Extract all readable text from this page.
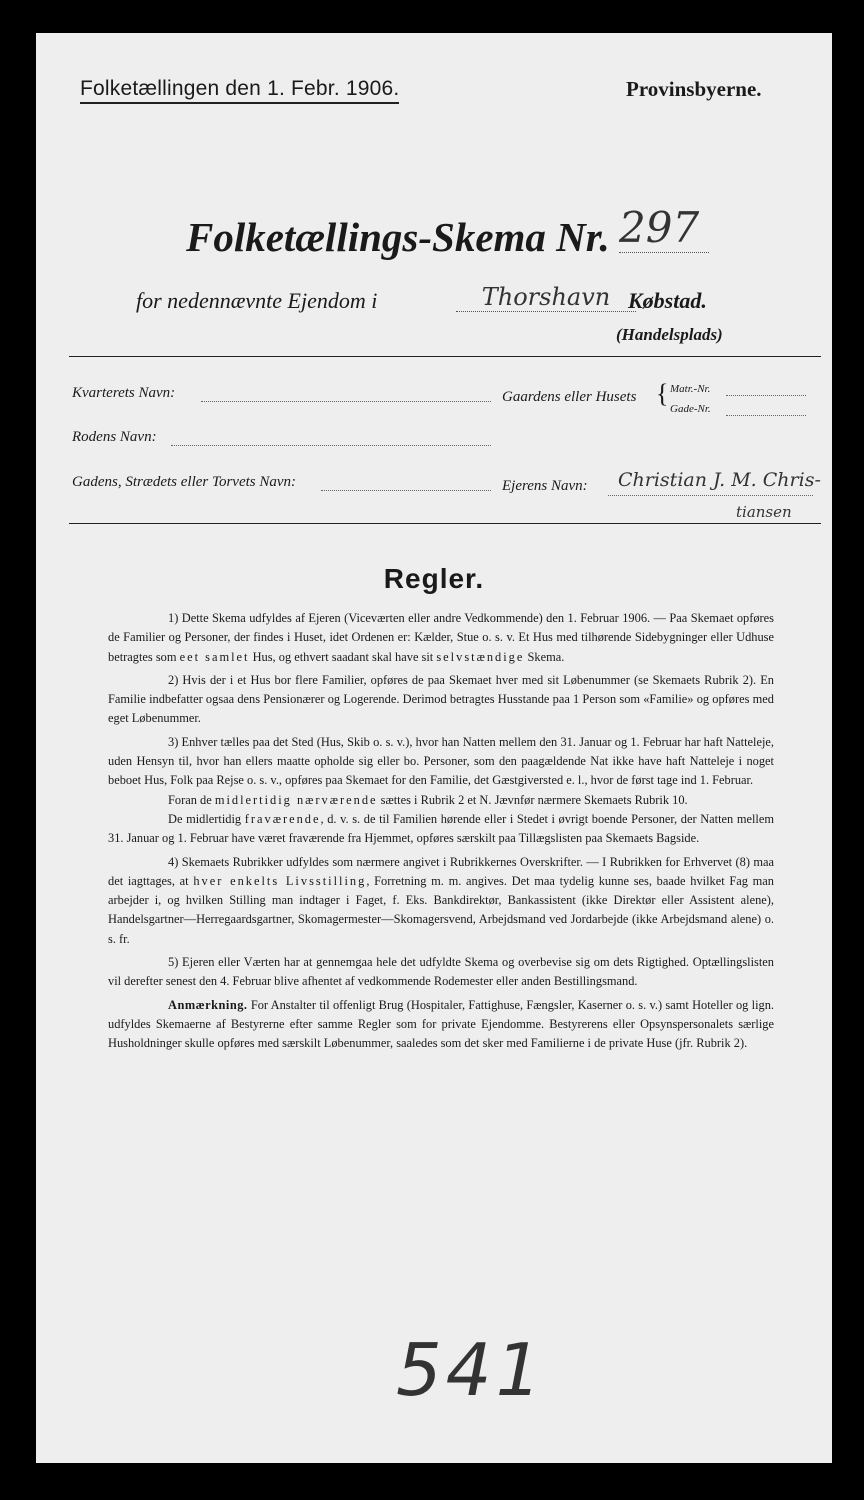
Folketællingen den 1. Febr. 1906.	Provinsbyerne.
Folketællings-Skema Nr. 297
for nedennævnte Ejendom i	Thorshavn Købstad.
(Handelsplads)
Kvarterets Navn:	Gaardens eller Husets { Matr.-Nr.
Gade-Nr.
Rodens Navn:
Gadens, Strædets eller Torvets Navn:	Ejerens Navn: Christian J. M. Chris-
tiansen
Regler.

1) Dette Skema udfyldes af Ejeren (Viceværten eller andre Vedkommende) den 1. Februar 1906. — Paa Skemaet opføres de Familier og Personer, der findes i Huset, idet Ordenen er: Kælder, Stue o. s. v. Et Hus med tilhørende Sidebygninger eller Udhuse betragtes som eet samlet Hus, og ethvert saadant skal have sit selvstændige Skema.

2) Hvis der i et Hus bor flere Familier, opføres de paa Skemaet hver med sit Løbenummer (se Skemaets Rubrik 2). En Familie indbefatter ogsaa dens Pensionærer og Logerende. Derimod betragtes Husstande paa 1 Person som «Familie» og opføres med eget Løbenummer.

3) Enhver tælles paa det Sted (Hus, Skib o. s. v.), hvor han Natten mellem den 31. Januar og 1. Februar har haft Natteleje, uden Hensyn til, hvor han ellers maatte opholde sig eller bo. Personer, som den paagældende Nat ikke have haft Natteleje i noget beboet Hus, Folk paa Rejse o. s. v., opføres paa Skemaet for den Familie, det Gæstgiversted e. l., hvor de først tage ind 1. Februar.

Foran de midlertidig nærværende sættes i Rubrik 2 et N. Jævnfør nærmere Skemaets Rubrik 10.

De midlertidig fraværende, d. v. s. de til Familien hørende eller i Stedet i øvrigt boende Personer, der Natten mellem 31. Januar og 1. Februar have været fraværende fra Hjemmet, opføres særskilt paa Tillægslisten paa Skemaets Bagside.

4) Skemaets Rubrikker udfyldes som nærmere angivet i Rubrikkernes Overskrifter. — I Rubrikken for Erhvervet (8) maa det iagttages, at hver enkelts Livsstilling, Forretning m. m. angives. Det maa tydelig kunne ses, baade hvilket Fag man arbejder i, og hvilken Stilling man indtager i Faget, f. Eks. Bankdirektør, Bankassistent (ikke Direktør eller Assistent alene), Handelsgartner—Herregaardsgartner, Skomagermester—Skomagersvend, Arbejdsmand ved Jordarbejde (ikke Arbejdsmand alene) o. s. fr.

5) Ejeren eller Værten har at gennemgaa hele det udfyldte Skema og overbevise sig om dets Rigtighed. Optællingslisten vil derefter senest den 4. Februar blive afhentet af vedkommende Rodemester eller anden Bestillingsmand.

Anmærkning. For Anstalter til offenligt Brug (Hospitaler, Fattighuse, Fængsler, Kaserner o. s. v.) samt Hoteller og lign. udfyldes Skemaerne af Bestyrerne efter samme Regler som for private Ejendomme. Bestyrerens eller Opsynspersonalets særlige Husholdninger skulle opføres med særskilt Løbenummer, saaledes som det sker med Familierne i de private Huse (jfr. Rubrik 2).

541
